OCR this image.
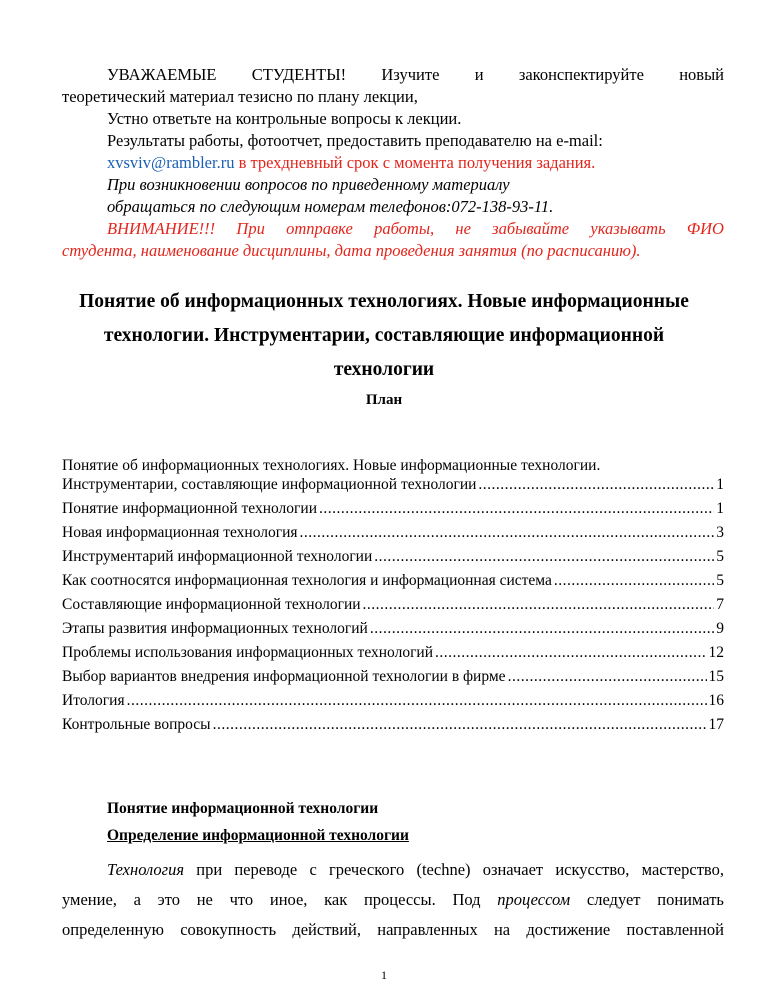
УВАЖАЕМЫЕ СТУДЕНТЫ! Изучите и законспектируйте новый
теоретический материал тезисно по плану лекции,
Устно ответьте на контрольные вопросы к лекции.
Результаты работы, фотоотчет, предоставить преподавателю на e-mail:
xvsviv@rambler.ru в трехдневный срок с момента получения задания.
При возникновении вопросов по приведенному материалу
обращаться по следующим номерам телефонов:072-138-93-11.
ВНИМАНИЕ!!! При отправке работы, не забывайте указывать ФИО
студента, наименование дисциплины, дата проведения занятия (по расписанию).
Понятие об информационных технологиях. Новые информационные
технологии. Инструментарии, составляющие информационной
технологии
План
Понятие об информационных технологиях. Новые информационные технологии.
Инструментарии, составляющие информационной технологии .....	1
Понятие информационной технологии .....	1
Новая информационная технология .....	3
Инструментарий информационной технологии .....	5
Как соотносятся информационная технология и информационная система .....	5
Составляющие информационной технологии .....	7
Этапы развития информационных технологий .....	9
Проблемы использования информационных технологий .....	12
Выбор вариантов внедрения информационной технологии в фирме .....	15
Итология .....	16
Контрольные вопросы .....	17
Понятие информационной технологии
Определение информационной технологии
Технология при переводе с греческого (techne) означает искусство, мастерство,
умение, а это не что иное, как процессы. Под процессом следует понимать
определенную совокупность действий, направленных на достижение поставленной
1
